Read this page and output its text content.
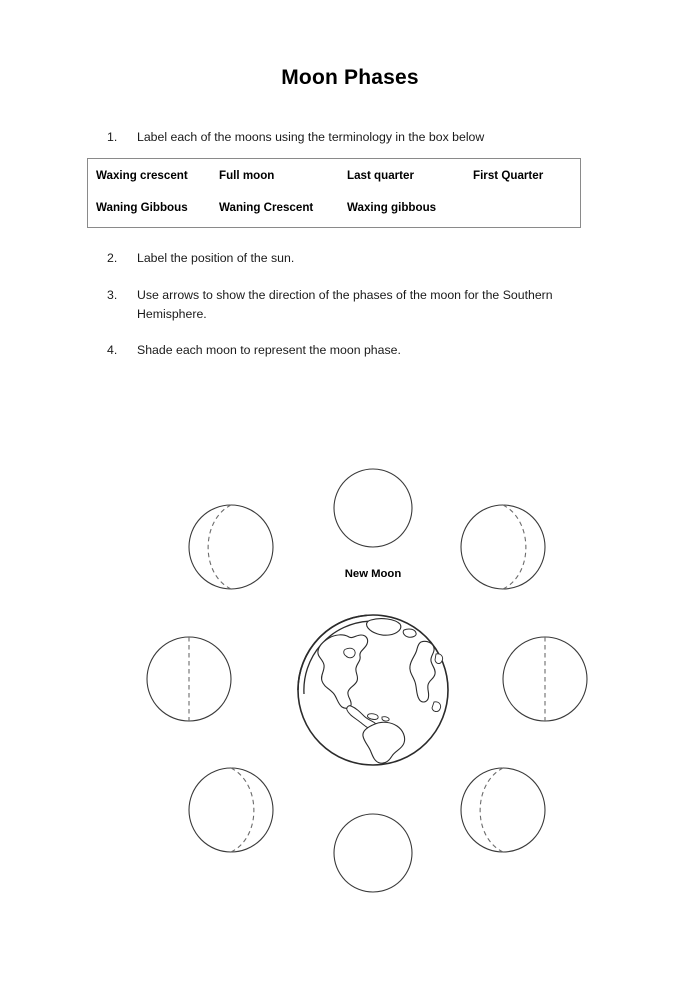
Moon Phases
1.	Label each of the moons using the terminology in the box below
2.	Label the position of the sun.
3.	Use arrows to show the direction of the phases of the moon for the Southern Hemisphere.
4.	Shade each moon to represent the moon phase.
Waxing crescent	Full moon	Last quarter	First Quarter
Waning Gibbous	Waning Crescent	Waxing gibbous
New Moon
